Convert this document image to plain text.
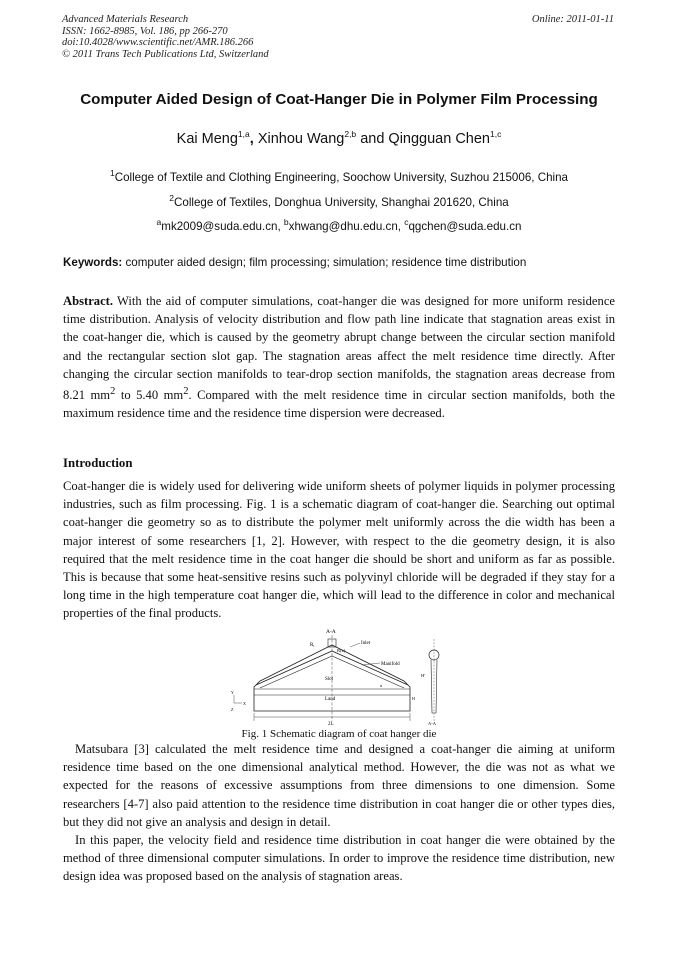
Advanced Materials Research
ISSN: 1662-8985, Vol. 186, pp 266-270
doi:10.4028/www.scientific.net/AMR.186.266
© 2011 Trans Tech Publications Ltd, Switzerland
Online: 2011-01-11
Computer Aided Design of Coat-Hanger Die in Polymer Film Processing
Kai Meng$^{1,a}$, Xinhou Wang$^{2,b}$ and Qingguan Chen$^{1,c}$
$^1$College of Textile and Clothing Engineering, Soochow University, Suzhou 215006, China
$^2$College of Textiles, Donghua University, Shanghai 201620, China
$^a$mk2009@suda.edu.cn, $^b$xhwang@dhu.edu.cn, $^c$qgchen@suda.edu.cn
Keywords: computer aided design; film processing; simulation; residence time distribution
Abstract. With the aid of computer simulations, coat-hanger die was designed for more uniform residence time distribution. Analysis of velocity distribution and flow path line indicate that stagnation areas exist in the coat-hanger die, which is caused by the geometry abrupt change between the circular section manifold and the rectangular section slot gap. The stagnation areas affect the melt residence time directly. After changing the circular section manifolds to tear-drop section manifolds, the stagnation areas decrease from 8.21 $mm^2$ to 5.40 $mm^2$. Compared with the melt residence time in circular section manifolds, both the maximum residence time and the residence time dispersion were decreased.
Introduction
Coat-hanger die is widely used for delivering wide uniform sheets of polymer liquids in polymer processing industries, such as film processing. Fig. 1 is a schematic diagram of coat-hanger die. Searching out optimal coat-hanger die geometry so as to distribute the polymer melt uniformly across the die width has been a major interest of some researchers [1, 2]. However, with respect to the die geometry design, it is also required that the melt residence time in the coat hanger die should be short and uniform as far as possible. This is because that some heat-sensitive resins such as polyvinyl chloride will be degraded if they stay for a long time in the high temperature coat hanger die, which will lead to the difference in color and mechanical properties of the final products.
A-A
$R_i$
R(x)
Inlet
Manifold
Slot
Land
α
H
2L
Y
X
Z
H'
A-A
Fig. 1 Schematic diagram of coat hanger die
Matsubara [3] calculated the melt residence time and designed a coat-hanger die aiming at uniform residence time based on the one dimensional analytical method. However, the die was not as what we expected for the reasons of excessive assumptions from three dimensions to one dimension. Some researchers [4-7] also paid attention to the residence time distribution in coat hanger die or other types dies, but they did not give an analysis and design in detail.
In this paper, the velocity field and residence time distribution in coat hanger die were obtained by the method of three dimensional computer simulations. In order to improve the residence time distribution, new design idea was proposed based on the analysis of stagnation areas.
